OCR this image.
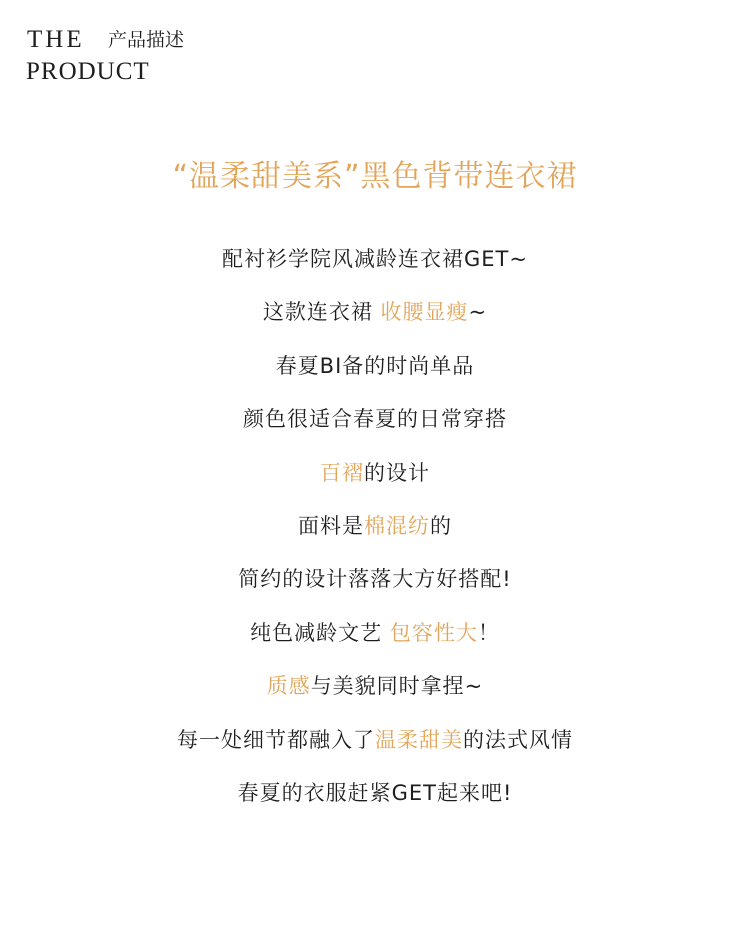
THE 产品描述
PRODUCT
“温柔甜美系”黑色背带连衣裙
配衬衫学院风减龄连衣裙GET~
这款连衣裙 收腰显瘦~
春夏BI备的时尚单品
颜色很适合春夏的日常穿搭
百褶的设计
面料是棉混纺的
简约的设计落落大方好搭配!
纯色减龄文艺 包容性大！
质感与美貌同时拿捏~
每一处细节都融入了温柔甜美的法式风情
春夏的衣服赶紧GET起来吧!
